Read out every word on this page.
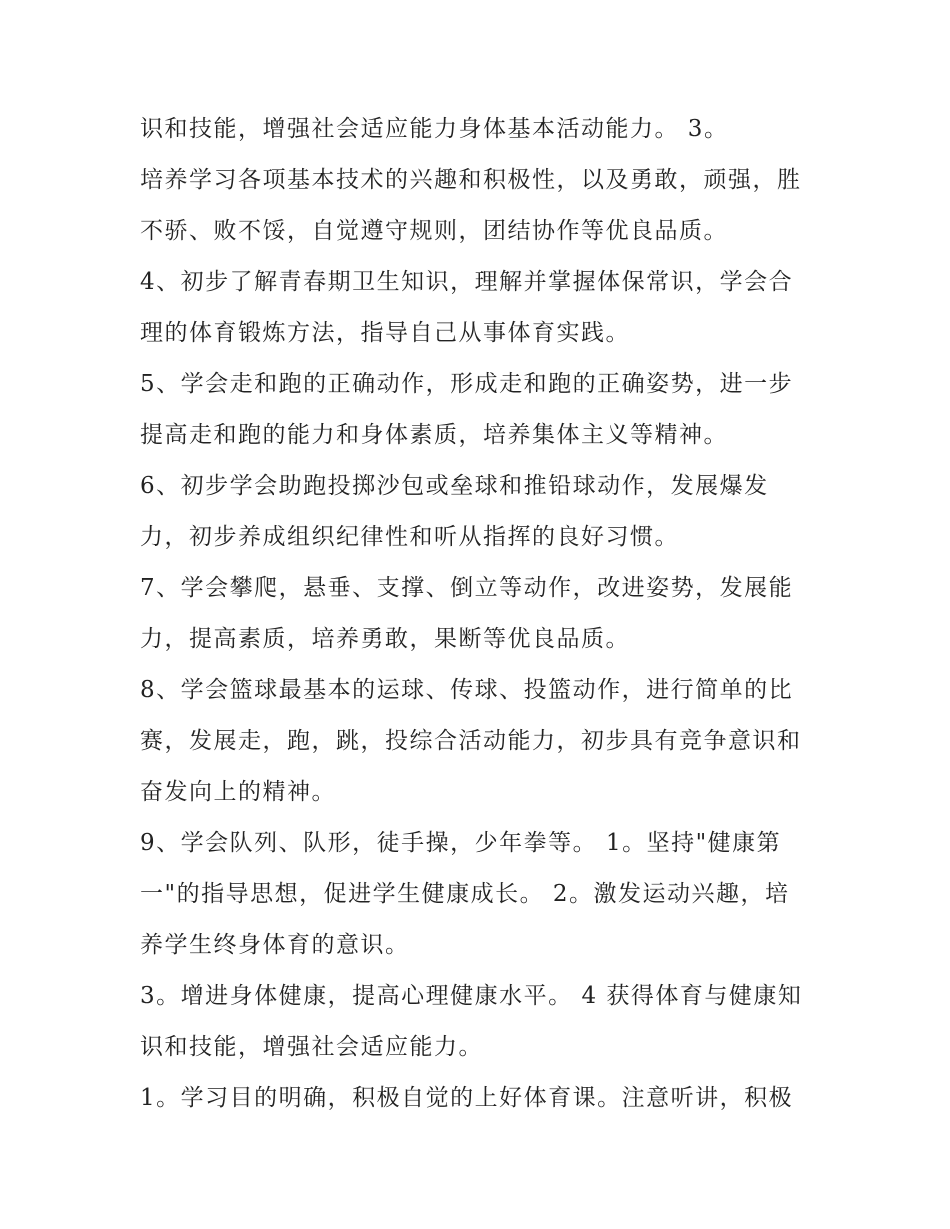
识和技能，增强社会适应能力身体基本活动能力。 3。
培养学习各项基本技术的兴趣和积极性，以及勇敢，顽强，胜
不骄、败不馁，自觉遵守规则，团结协作等优良品质。
4、初步了解青春期卫生知识，理解并掌握体保常识，学会合
理的体育锻炼方法，指导自己从事体育实践。
5、学会走和跑的正确动作，形成走和跑的正确姿势，进一步
提高走和跑的能力和身体素质，培养集体主义等精神。
6、初步学会助跑投掷沙包或垒球和推铅球动作，发展爆发
力，初步养成组织纪律性和听从指挥的良好习惯。
7、学会攀爬，悬垂、支撑、倒立等动作，改进姿势，发展能
力，提高素质，培养勇敢，果断等优良品质。
8、学会篮球最基本的运球、传球、投篮动作，进行简单的比
赛，发展走，跑，跳，投综合活动能力，初步具有竞争意识和
奋发向上的精神。
9、学会队列、队形，徒手操，少年拳等。 1。坚持"健康第
一"的指导思想，促进学生健康成长。 2。激发运动兴趣，培
养学生终身体育的意识。
3。增进身体健康，提高心理健康水平。 4 获得体育与健康知
识和技能，增强社会适应能力。
1。学习目的明确，积极自觉的上好体育课。注意听讲，积极
